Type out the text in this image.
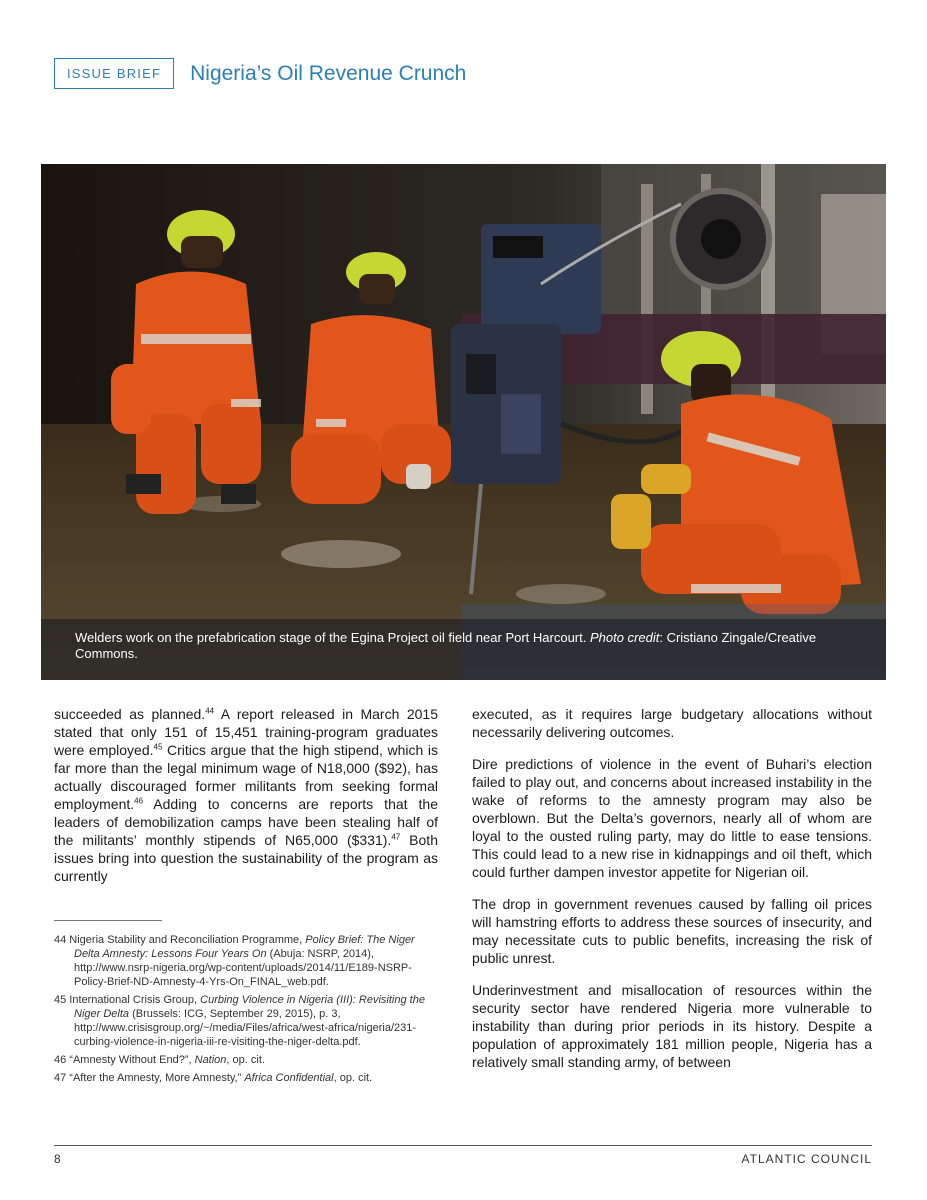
ISSUE BRIEF	Nigeria’s Oil Revenue Crunch
Welders work on the prefabrication stage of the Egina Project oil field near Port Harcourt. Photo credit: Cristiano Zingale/Creative Commons.

succeeded as planned.$^{44}$ A report released in March 2015 stated that only 151 of 15,451 training-program graduates were employed.$^{45}$ Critics argue that the high stipend, which is far more than the legal minimum wage of N18,000 ($92), has actually discouraged former militants from seeking formal employment.$^{46}$ Adding to concerns are reports that the leaders of demobilization camps have been stealing half of the militants’ monthly stipends of N65,000 ($331).$^{47}$ Both issues bring into question the sustainability of the program as currently

44 Nigeria Stability and Reconciliation Programme, Policy Brief: The Niger Delta Amnesty: Lessons Four Years On (Abuja: NSRP, 2014), http://www.nsrp-nigeria.org/wp-content/uploads/2014/11/E189-NSRP-Policy-Brief-ND-Amnesty-4-Yrs-On_FINAL_web.pdf.
45 International Crisis Group, Curbing Violence in Nigeria (III): Revisiting the Niger Delta (Brussels: ICG, September 29, 2015), p. 3, http://www.crisisgroup.org/~/media/Files/africa/west-africa/nigeria/231-curbing-violence-in-nigeria-iii-re-visiting-the-niger-delta.pdf.
46 “Amnesty Without End?”, Nation, op. cit.
47 “After the Amnesty, More Amnesty,” Africa Confidential, op. cit.

executed, as it requires large budgetary allocations without necessarily delivering outcomes.

Dire predictions of violence in the event of Buhari’s election failed to play out, and concerns about increased instability in the wake of reforms to the amnesty program may also be overblown. But the Delta’s governors, nearly all of whom are loyal to the ousted ruling party, may do little to ease tensions. This could lead to a new rise in kidnappings and oil theft, which could further dampen investor appetite for Nigerian oil.

The drop in government revenues caused by falling oil prices will hamstring efforts to address these sources of insecurity, and may necessitate cuts to public benefits, increasing the risk of public unrest.

Underinvestment and misallocation of resources within the security sector have rendered Nigeria more vulnerable to instability than during prior periods in its history. Despite a population of approximately 181 million people, Nigeria has a relatively small standing army, of between

8	ATLANTIC COUNCIL
